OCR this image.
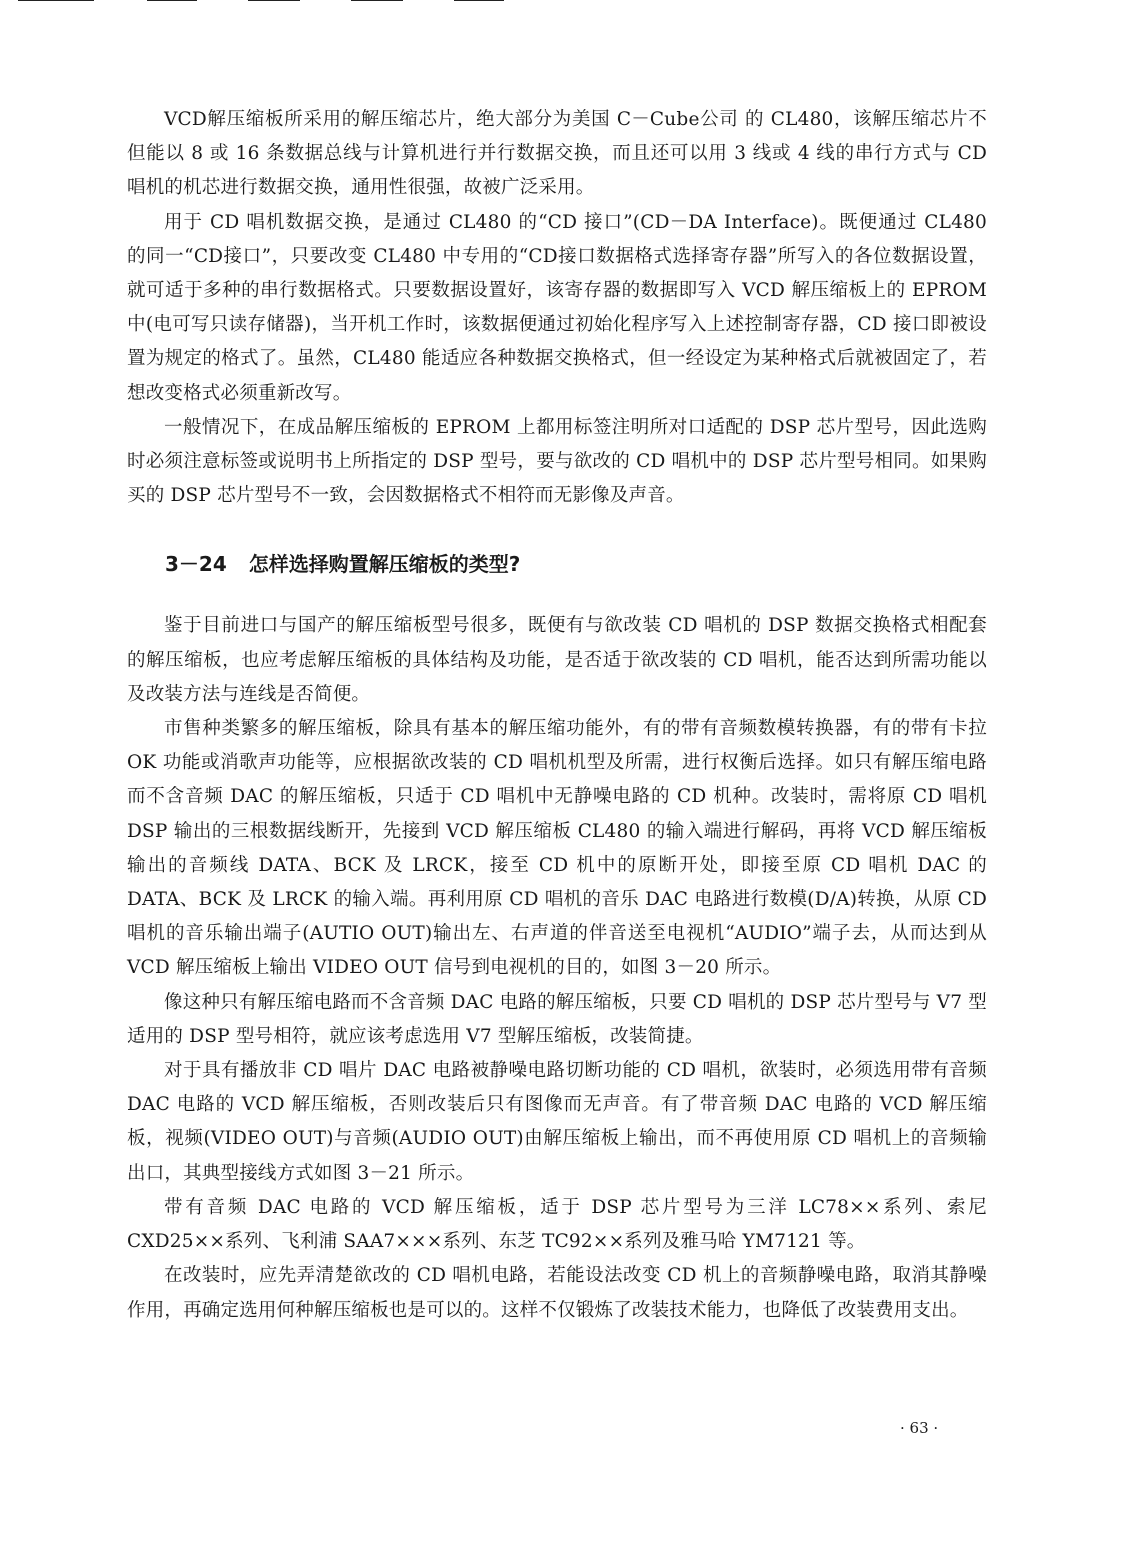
VCD解压缩板所采用的解压缩芯片，绝大部分为美国 C－Cube公司 的 CL480，该解压缩芯片不但能以 8 或 16 条数据总线与计算机进行并行数据交换，而且还可以用 3 线或 4 线的串行方式与 CD 唱机的机芯进行数据交换，通用性很强，故被广泛采用。

用于 CD 唱机数据交换，是通过 CL480 的“CD 接口”(CD－DA Interface)。既便通过 CL480 的同一“CD接口”，只要改变 CL480 中专用的“CD接口数据格式选择寄存器”所写入的各位数据设置，就可适于多种的串行数据格式。只要数据设置好，该寄存器的数据即写入 VCD 解压缩板上的 EPROM 中(电可写只读存储器)，当开机工作时，该数据便通过初始化程序写入上述控制寄存器，CD 接口即被设置为规定的格式了。虽然，CL480 能适应各种数据交换格式，但一经设定为某种格式后就被固定了，若想改变格式必须重新改写。

一般情况下，在成品解压缩板的 EPROM 上都用标签注明所对口适配的 DSP 芯片型号，因此选购时必须注意标签或说明书上所指定的 DSP 型号，要与欲改的 CD 唱机中的 DSP 芯片型号相同。如果购买的 DSP 芯片型号不一致，会因数据格式不相符而无影像及声音。

3－24 怎样选择购置解压缩板的类型?

鉴于目前进口与国产的解压缩板型号很多，既便有与欲改装 CD 唱机的 DSP 数据交换格式相配套的解压缩板，也应考虑解压缩板的具体结构及功能，是否适于欲改装的 CD 唱机，能否达到所需功能以及改装方法与连线是否简便。

市售种类繁多的解压缩板，除具有基本的解压缩功能外，有的带有音频数模转换器，有的带有卡拉 OK 功能或消歌声功能等，应根据欲改装的 CD 唱机机型及所需，进行权衡后选择。如只有解压缩电路而不含音频 DAC 的解压缩板，只适于 CD 唱机中无静噪电路的 CD 机种。改装时，需将原 CD 唱机 DSP 输出的三根数据线断开，先接到 VCD 解压缩板 CL480 的输入端进行解码，再将 VCD 解压缩板输出的音频线 DATA、BCK 及 LRCK，接至 CD 机中的原断开处，即接至原 CD 唱机 DAC 的 DATA、BCK 及 LRCK 的输入端。再利用原 CD 唱机的音乐 DAC 电路进行数模(D/A)转换，从原 CD 唱机的音乐输出端子(AUTIO OUT)输出左、右声道的伴音送至电视机“AUDIO”端子去，从而达到从 VCD 解压缩板上输出 VIDEO OUT 信号到电视机的目的，如图 3－20 所示。

像这种只有解压缩电路而不含音频 DAC 电路的解压缩板，只要 CD 唱机的 DSP 芯片型号与 V7 型适用的 DSP 型号相符，就应该考虑选用 V7 型解压缩板，改装简捷。

对于具有播放非 CD 唱片 DAC 电路被静噪电路切断功能的 CD 唱机，欲装时，必须选用带有音频 DAC 电路的 VCD 解压缩板，否则改装后只有图像而无声音。有了带音频 DAC 电路的 VCD 解压缩板，视频(VIDEO OUT)与音频(AUDIO OUT)由解压缩板上输出，而不再使用原 CD 唱机上的音频输出口，其典型接线方式如图 3－21 所示。

带有音频 DAC 电路的 VCD 解压缩板，适于 DSP 芯片型号为三洋 LC78××系列、索尼 CXD25××系列、飞利浦 SAA7×××系列、东芝 TC92××系列及雅马哈 YM7121 等。

在改装时，应先弄清楚欲改的 CD 唱机电路，若能设法改变 CD 机上的音频静噪电路，取消其静噪作用，再确定选用何种解压缩板也是可以的。这样不仅锻炼了改装技术能力，也降低了改装费用支出。

· 63 ·
